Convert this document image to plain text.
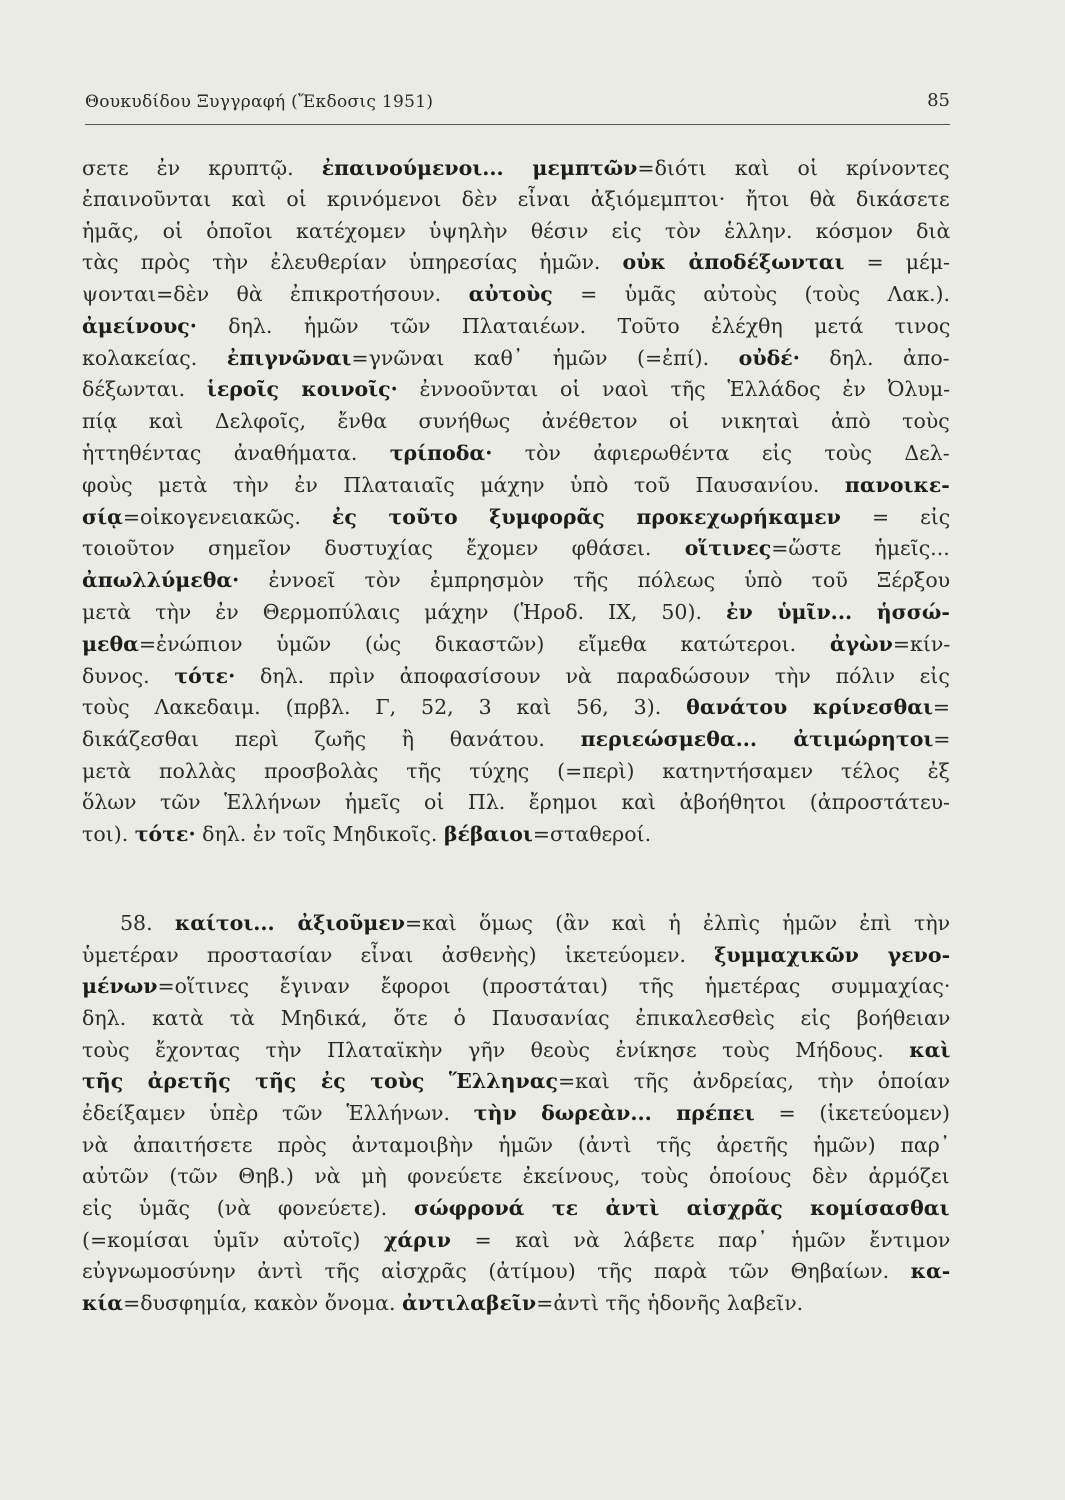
Θουκυδίδου Ξυγγραφή (Ἔκδοσις 1951)	85
σετε ἐν κρυπτῷ. ἐπαινούμενοι... μεμπτῶν=διότι καὶ οἱ κρίνοντες
ἐπαινοῦνται καὶ οἱ κρινόμενοι δὲν εἶναι ἀξιόμεμπτοι· ἤτοι θὰ δικάσετε
ἡμᾶς, οἱ ὁποῖοι κατέχομεν ὑψηλὴν θέσιν εἰς τὸν ἑλλην. κόσμον διὰ
τὰς πρὸς τὴν ἐλευθερίαν ὑπηρεσίας ἡμῶν. οὐκ ἀποδέξωνται = μέμ-
ψονται=δὲν θὰ ἐπικροτήσουν. αὐτοὺς = ὑμᾶς αὐτοὺς (τοὺς Λακ.).
ἀμείνους· δηλ. ἡμῶν τῶν Πλαταιέων. Τοῦτο ἐλέχθη μετά τινος
κολακείας. ἐπιγνῶναι=γνῶναι καθ᾽ ἡμῶν (=ἐπί). οὐδέ· δηλ. ἀπο-
δέξωνται. ἱεροῖς κοινοῖς· ἐννοοῦνται οἱ ναοὶ τῆς Ἑλλάδος ἐν Ὀλυμ-
πίᾳ καὶ Δελφοῖς, ἔνθα συνήθως ἀνέθετον οἱ νικηταὶ ἀπὸ τοὺς
ἡττηθέντας ἀναθήματα. τρίποδα· τὸν ἀφιερωθέντα εἰς τοὺς Δελ-
φοὺς μετὰ τὴν ἐν Πλαταιαῖς μάχην ὑπὸ τοῦ Παυσανίου. πανοικε-
σίᾳ=οἰκογενειακῶς. ἐς τοῦτο ξυμφορᾶς προκεχωρήκαμεν = εἰς
τοιοῦτον σημεῖον δυστυχίας ἔχομεν φθάσει. οἵτινες=ὥστε ἡμεῖς...
ἀπωλλύμεθα· ἐννοεῖ τὸν ἐμπρησμὸν τῆς πόλεως ὑπὸ τοῦ Ξέρξου
μετὰ τὴν ἐν Θερμοπύλαις μάχην (Ἡροδ. IX, 50). ἐν ὑμῖν... ἡσσώ-
μεθα=ἐνώπιον ὑμῶν (ὡς δικαστῶν) εἴμεθα κατώτεροι. ἀγὼν=κίν-
δυνος. τότε· δηλ. πρὶν ἀποφασίσουν νὰ παραδώσουν τὴν πόλιν εἰς
τοὺς Λακεδαιμ. (πρβλ. Γ, 52, 3 καὶ 56, 3). θανάτου κρίνεσθαι=
δικάζεσθαι περὶ ζωῆς ἢ θανάτου. περιεώσμεθα... ἀτιμώρητοι=
μετὰ πολλὰς προσβολὰς τῆς τύχης (=περὶ) κατηντήσαμεν τέλος ἐξ
ὅλων τῶν Ἑλλήνων ἡμεῖς οἱ Πλ. ἔρημοι καὶ ἀβοήθητοι (ἀπροστάτευ-
τοι). τότε· δηλ. ἐν τοῖς Μηδικοῖς. βέβαιοι=σταθεροί.
58. καίτοι... ἀξιοῦμεν=καὶ ὅμως (ἂν καὶ ἡ ἐλπὶς ἡμῶν ἐπὶ τὴν
ὑμετέραν προστασίαν εἶναι ἀσθενὴς) ἱκετεύομεν. ξυμμαχικῶν γενο-
μένων=οἵτινες ἔγιναν ἔφοροι (προστάται) τῆς ἡμετέρας συμμαχίας·
δηλ. κατὰ τὰ Μηδικά, ὅτε ὁ Παυσανίας ἐπικαλεσθεὶς εἰς βοήθειαν
τοὺς ἔχοντας τὴν Πλαταϊκὴν γῆν θεοὺς ἐνίκησε τοὺς Μήδους. καὶ
τῆς ἀρετῆς τῆς ἐς τοὺς Ἕλληνας=καὶ τῆς ἀνδρείας, τὴν ὁποίαν
ἐδείξαμεν ὑπὲρ τῶν Ἑλλήνων. τὴν δωρεὰν... πρέπει = (ἱκετεύομεν)
νὰ ἀπαιτήσετε πρὸς ἀνταμοιβὴν ἡμῶν (ἀντὶ τῆς ἀρετῆς ἡμῶν) παρ᾽
αὐτῶν (τῶν Θηβ.) νὰ μὴ φονεύετε ἐκείνους, τοὺς ὁποίους δὲν ἁρμόζει
εἰς ὑμᾶς (νὰ φονεύετε). σώφρονά τε ἀντὶ αἰσχρᾶς κομίσασθαι
(=κομίσαι ὑμῖν αὐτοῖς) χάριν = καὶ νὰ λάβετε παρ᾽ ἡμῶν ἔντιμον
εὐγνωμοσύνην ἀντὶ τῆς αἰσχρᾶς (ἀτίμου) τῆς παρὰ τῶν Θηβαίων. κα-
κία=δυσφημία, κακὸν ὄνομα. ἀντιλαβεῖν=ἀντὶ τῆς ἡδονῆς λαβεῖν.
